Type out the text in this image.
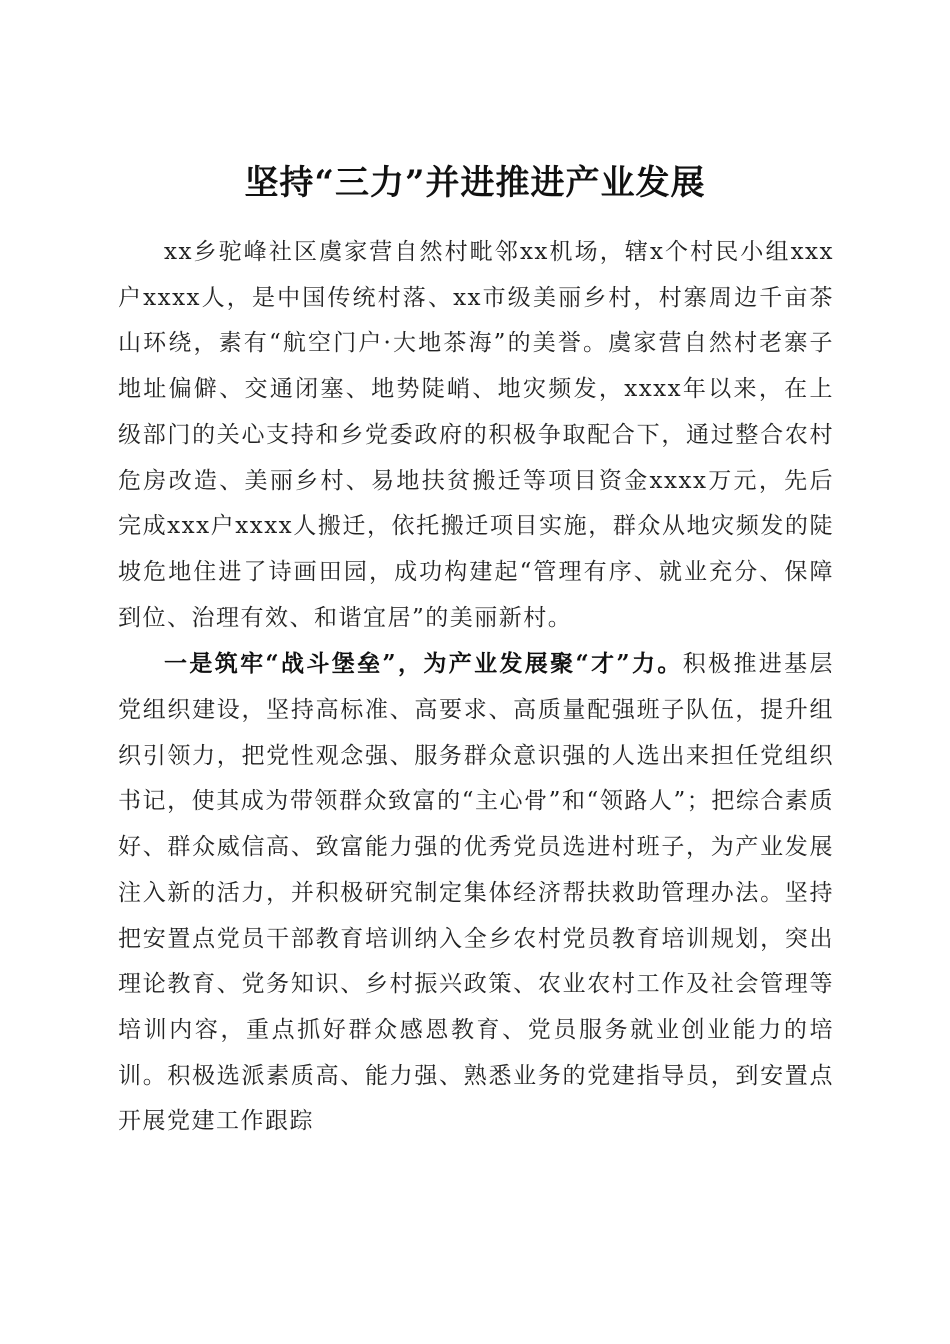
坚持“三力”并进推进产业发展

xx乡驼峰社区虞家营自然村毗邻xx机场，辖x个村民小组xxx户xxxx人，是中国传统村落、xx市级美丽乡村，村寨周边千亩茶山环绕，素有“航空门户·大地茶海”的美誉。虞家营自然村老寨子地址偏僻、交通闭塞、地势陡峭、地灾频发，xxxx年以来，在上级部门的关心支持和乡党委政府的积极争取配合下，通过整合农村危房改造、美丽乡村、易地扶贫搬迁等项目资金xxxx万元，先后完成xxx户xxxx人搬迁，依托搬迁项目实施，群众从地灾频发的陡坡危地住进了诗画田园，成功构建起“管理有序、就业充分、保障到位、治理有效、和谐宜居”的美丽新村。

一是筑牢“战斗堡垒”，为产业发展聚“才”力。积极推进基层党组织建设，坚持高标准、高要求、高质量配强班子队伍，提升组织引领力，把党性观念强、服务群众意识强的人选出来担任党组织书记，使其成为带领群众致富的“主心骨”和“领路人”；把综合素质好、群众威信高、致富能力强的优秀党员选进村班子，为产业发展注入新的活力，并积极研究制定集体经济帮扶救助管理办法。坚持把安置点党员干部教育培训纳入全乡农村党员教育培训规划，突出理论教育、党务知识、乡村振兴政策、农业农村工作及社会管理等培训内容，重点抓好群众感恩教育、党员服务就业创业能力的培训。积极选派素质高、能力强、熟悉业务的党建指导员，到安置点开展党建工作跟踪
